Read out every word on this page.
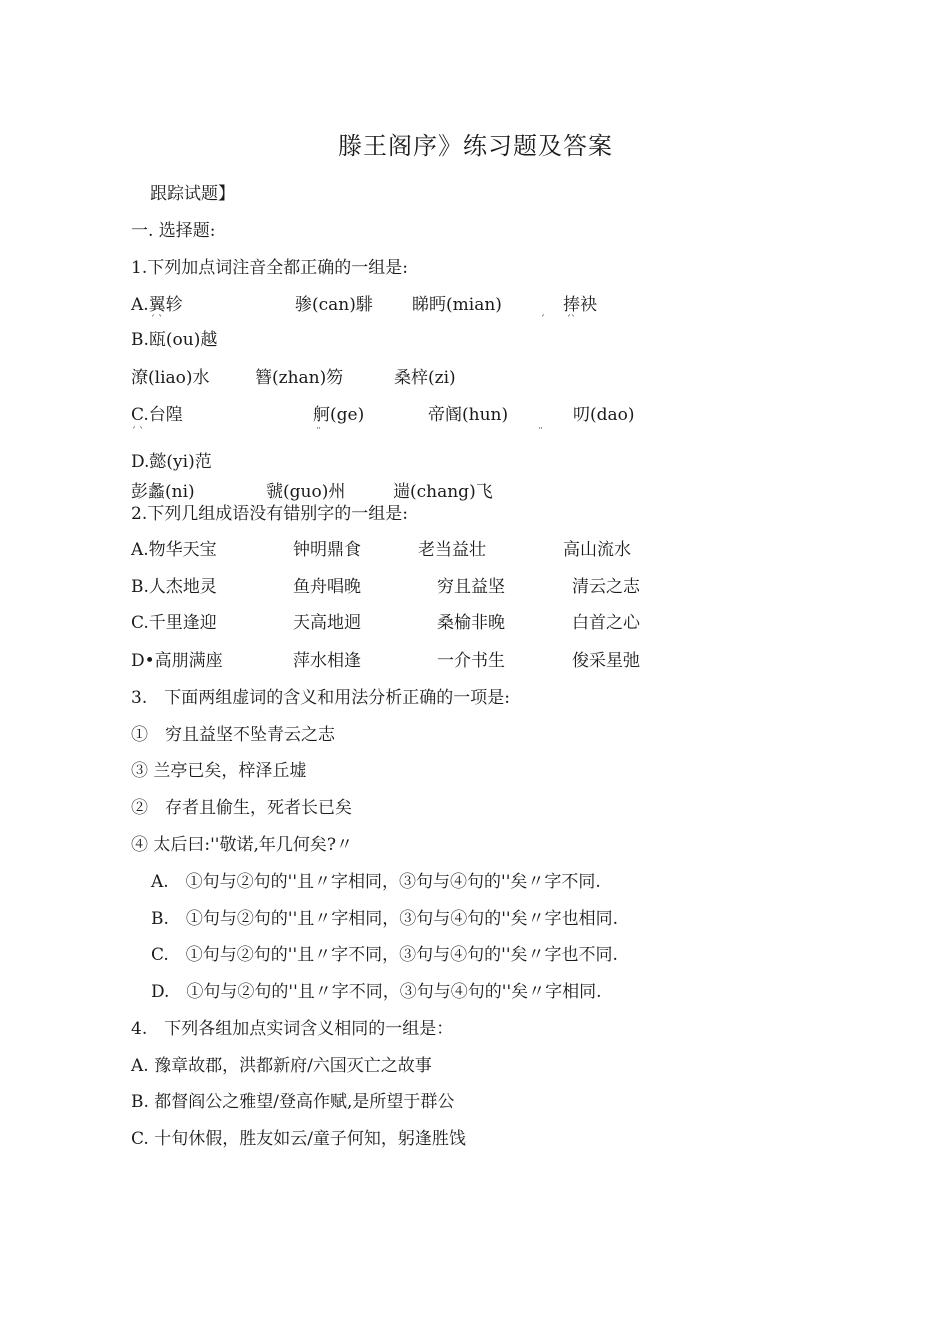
滕王阁序》练习题及答案
跟踪试题】
一. 选择题:
1.下列加点词注音全都正确的一组是:
A.翼轸	骖(can)騑 睇眄(mian)	捧袂
´ `	´ ´`
B.瓯(ou)越
潦(liao)水	簪(zhan)笏	桑梓(zi)
C.台隍	舸(ge)	帝阍(hun)	叨(dao)
´ `	¨	¨
D.懿(yi)范
彭蠡(ni)	虢(guo)州	遄(chang)飞
2.下列几组成语没有错别字的一组是:
A.物华天宝	钟明鼎食	老当益壮	高山流水
B.人杰地灵	鱼舟唱晚	穷且益坚	清云之志
C.千里逢迎	天高地迥	桑榆非晚	白首之心
D•高朋满座	萍水相逢	一介书生	俊采星弛
3.　下面两组虚词的含义和用法分析正确的一项是:
①　穷且益坚不坠青云之志
③ 兰亭已矣，梓泽丘墟
②　存者且偷生，死者长已矣
④ 太后曰:''敬诺,年几何矣?〃
A.　①句与②句的''且〃字相同，③句与④句的''矣〃字不同.
B.　①句与②句的''且〃字相同，③句与④句的''矣〃字也相同.
C.　①句与②句的''且〃字不同，③句与④句的''矣〃字也不同.
D.　①句与②句的''且〃字不同，③句与④句的''矣〃字相同.
4.　下列各组加点实词含义相同的一组是：
A. 豫章故郡，洪都新府/六国灭亡之故事
B. 都督阎公之雅望/登高作赋,是所望于群公
C. 十旬休假，胜友如云/童子何知，躬逢胜饯
